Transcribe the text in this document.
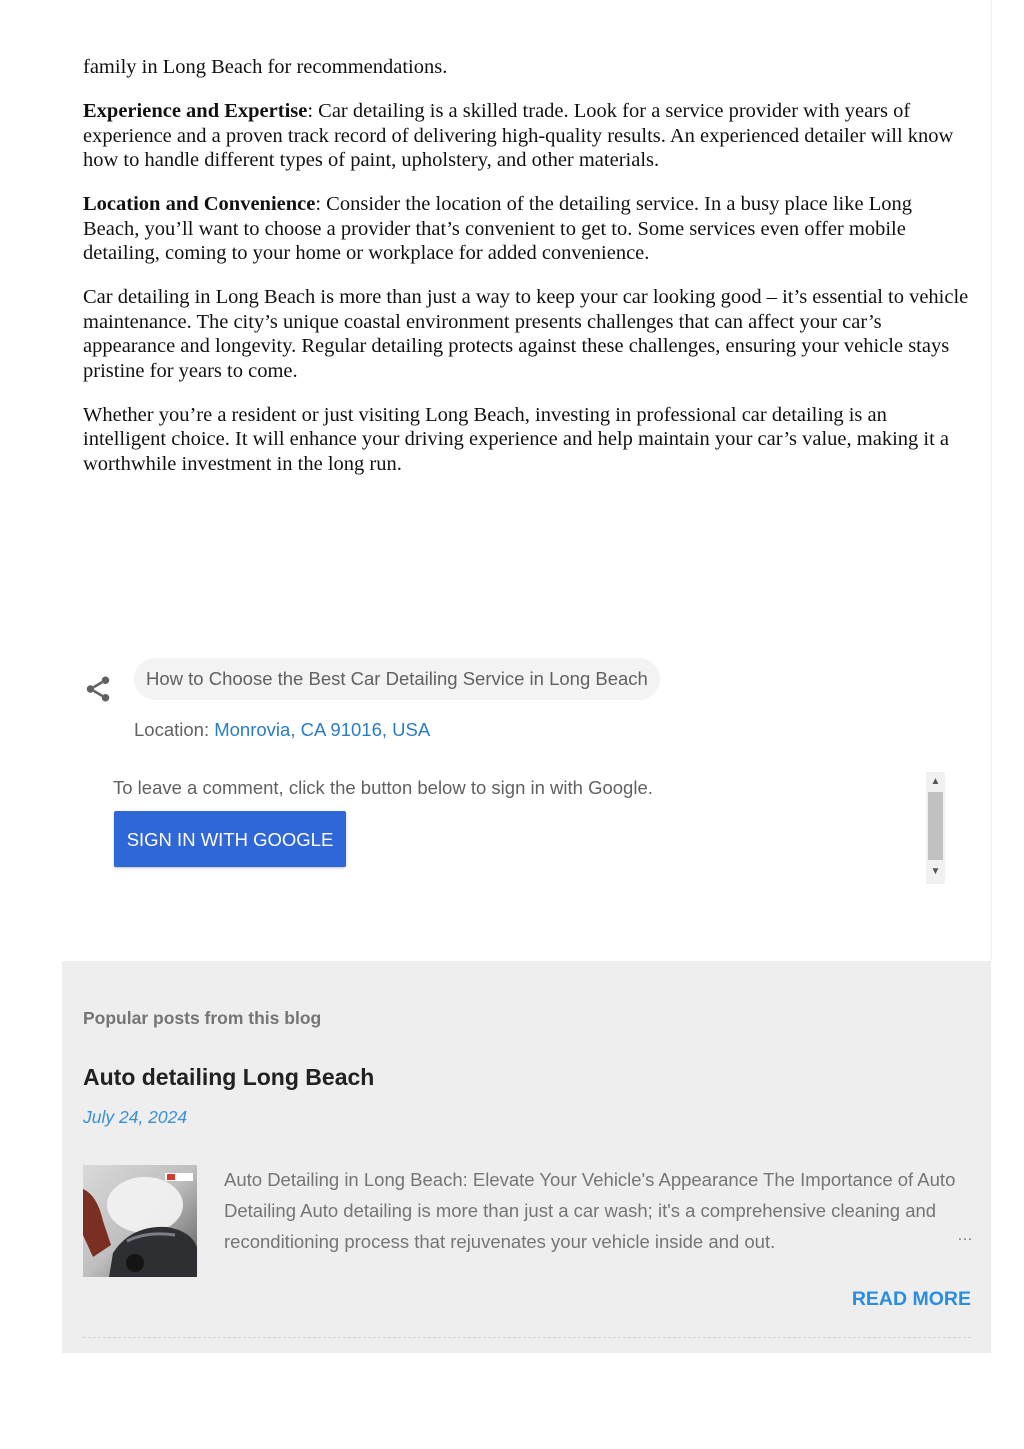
family in Long Beach for recommendations.

Experience and Expertise: Car detailing is a skilled trade. Look for a service provider with years of experience and a proven track record of delivering high-quality results. An experienced detailer will know how to handle different types of paint, upholstery, and other materials.

Location and Convenience: Consider the location of the detailing service. In a busy place like Long Beach, you’ll want to choose a provider that’s convenient to get to. Some services even offer mobile detailing, coming to your home or workplace for added convenience.

Car detailing in Long Beach is more than just a way to keep your car looking good – it’s essential to vehicle maintenance. The city’s unique coastal environment presents challenges that can affect your car’s appearance and longevity. Regular detailing protects against these challenges, ensuring your vehicle stays pristine for years to come.

Whether you’re a resident or just visiting Long Beach, investing in professional car detailing is an intelligent choice. It will enhance your driving experience and help maintain your car’s value, making it a worthwhile investment in the long run.

How to Choose the Best Car Detailing Service in Long Beach
Location: Monrovia, CA 91016, USA
To leave a comment, click the button below to sign in with Google.
SIGN IN WITH GOOGLE
▲
▼
Popular posts from this blog
Auto detailing Long Beach
July 24, 2024
Auto Detailing in Long Beach: Elevate Your Vehicle's Appearance The Importance of Auto Detailing Auto detailing is more than just a car wash; it's a comprehensive cleaning and reconditioning process that rejuvenates your vehicle inside and out.	…
READ MORE
